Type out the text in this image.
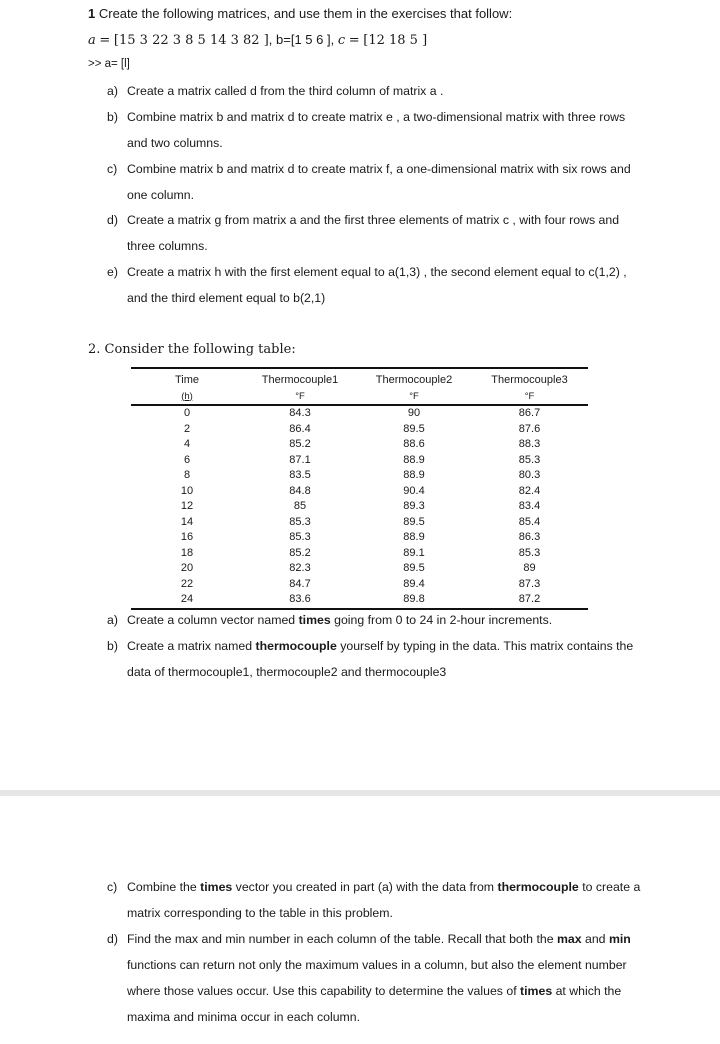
1 Create the following matrices, and use them in the exercises that follow:
a = [15 3 22 3 8 5 14 3 82 ], b=[1 5 6 ], c = [12 18 5 ]
>> a= [l]
a) Create a matrix called d from the third column of matrix a .
b) Combine matrix b and matrix d to create matrix e , a two-dimensional matrix with three rows and two columns.
c) Combine matrix b and matrix d to create matrix f, a one-dimensional matrix with six rows and one column.
d) Create a matrix g from matrix a and the first three elements of matrix c , with four rows and three columns.
e) Create a matrix h with the first element equal to a(1,3) , the second element equal to c(1,2) , and the third element equal to b(2,1)
2. Consider the following table:
Time	Thermocouple1	Thermocouple2	Thermocouple3
(h)	°F	°F	°F
0	84.3	90	86.7
2	86.4	89.5	87.6
4	85.2	88.6	88.3
6	87.1	88.9	85.3
8	83.5	88.9	80.3
10	84.8	90.4	82.4
12	85	89.3	83.4
14	85.3	89.5	85.4
16	85.3	88.9	86.3
18	85.2	89.1	85.3
20	82.3	89.5	89
22	84.7	89.4	87.3
24	83.6	89.8	87.2
a) Create a column vector named times going from 0 to 24 in 2-hour increments.
b) Create a matrix named thermocouple yourself by typing in the data. This matrix contains the data of thermocouple1, thermocouple2 and thermocouple3
c) Combine the times vector you created in part (a) with the data from thermocouple to create a matrix corresponding to the table in this problem.
d) Find the max and min number in each column of the table. Recall that both the max and min functions can return not only the maximum values in a column, but also the element number where those values occur. Use this capability to determine the values of times at which the maxima and minima occur in each column.
